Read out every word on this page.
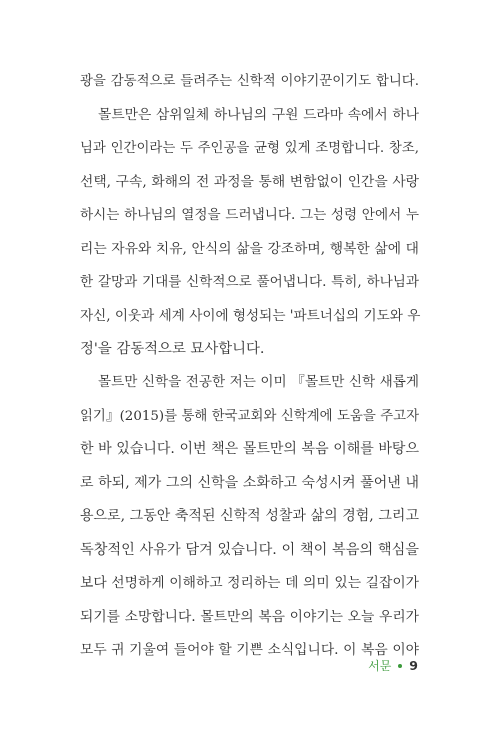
광을 감동적으로 들려주는 신학적 이야기꾼이기도 합니다.
몰트만은 삼위일체 하나님의 구원 드라마 속에서 하나
님과 인간이라는 두 주인공을 균형 있게 조명합니다. 창조,
선택, 구속, 화해의 전 과정을 통해 변함없이 인간을 사랑
하시는 하나님의 열정을 드러냅니다. 그는 성령 안에서 누
리는 자유와 치유, 안식의 삶을 강조하며, 행복한 삶에 대
한 갈망과 기대를 신학적으로 풀어냅니다. 특히, 하나님과
자신, 이웃과 세계 사이에 형성되는 '파트너십의 기도와 우
정'을 감동적으로 묘사합니다.
몰트만 신학을 전공한 저는 이미 『몰트만 신학 새롭게
읽기』(2015)를 통해 한국교회와 신학계에 도움을 주고자
한 바 있습니다. 이번 책은 몰트만의 복음 이해를 바탕으
로 하되, 제가 그의 신학을 소화하고 숙성시켜 풀어낸 내
용으로, 그동안 축적된 신학적 성찰과 삶의 경험, 그리고
독창적인 사유가 담겨 있습니다. 이 책이 복음의 핵심을
보다 선명하게 이해하고 정리하는 데 의미 있는 길잡이가
되기를 소망합니다. 몰트만의 복음 이야기는 오늘 우리가
모두 귀 기울여 들어야 할 기쁜 소식입니다. 이 복음 이야
서문 9
